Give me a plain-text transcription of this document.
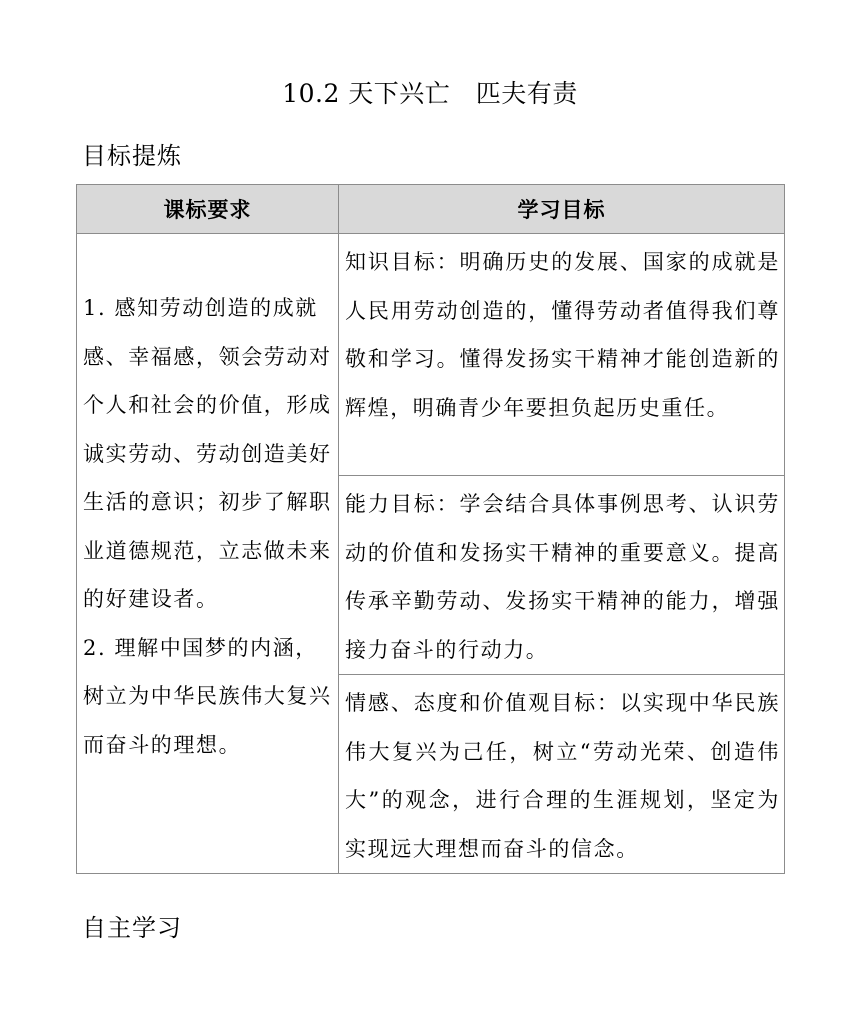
10.2 天下兴亡　匹夫有责
目标提炼
课标要求	学习目标

1. 感知劳动创造的成就感、幸福感，领会劳动对个人和社会的价值，形成诚实劳动、劳动创造美好生活的意识；初步了解职业道德规范，立志做未来的好建设者。

2. 理解中国梦的内涵，树立为中华民族伟大复兴而奋斗的理想。	知识目标：明确历史的发展、国家的成就是人民用劳动创造的，懂得劳动者值得我们尊敬和学习。懂得发扬实干精神才能创造新的辉煌，明确青少年要担负起历史重任。

	能力目标：学会结合具体事例思考、认识劳动的价值和发扬实干精神的重要意义。提高传承辛勤劳动、发扬实干精神的能力，增强接力奋斗的行动力。

	情感、态度和价值观目标：以实现中华民族伟大复兴为己任，树立“劳动光荣、创造伟大”的观念，进行合理的生涯规划，坚定为实现远大理想而奋斗的信念。

自主学习
